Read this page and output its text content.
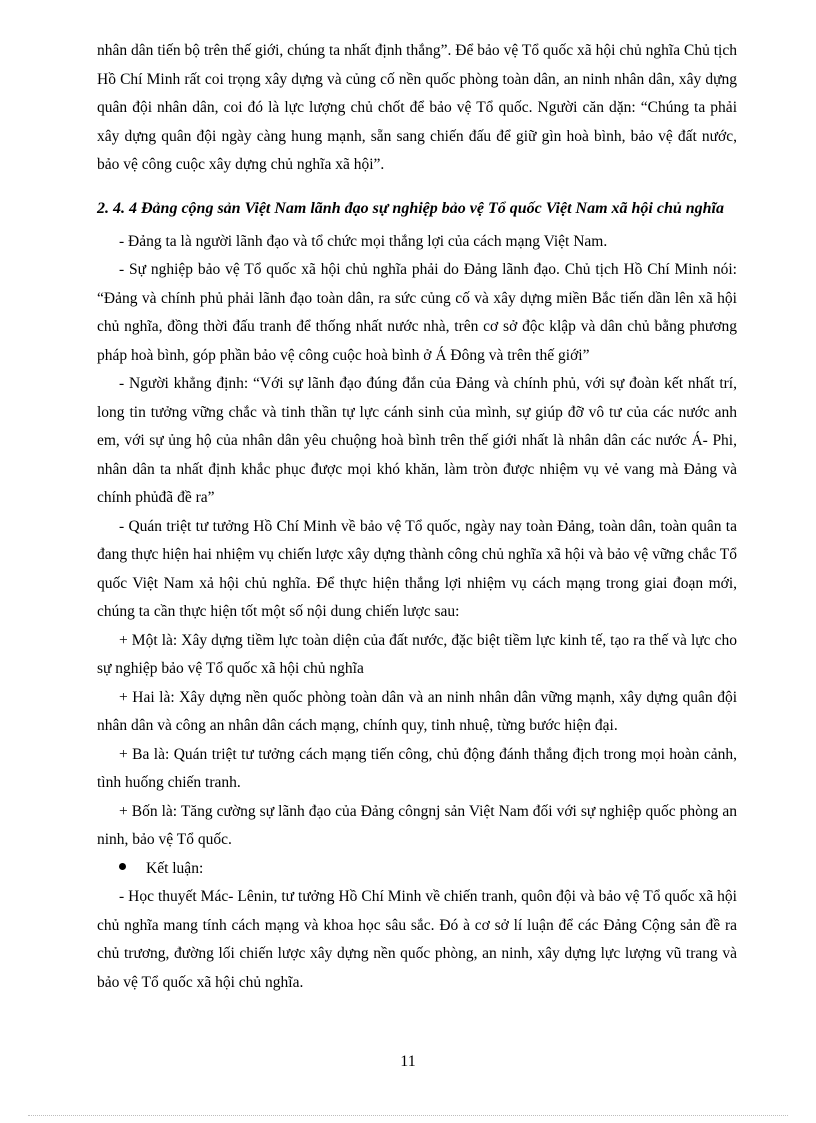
nhân dân tiến bộ trên thế giới, chúng ta nhất định thắng”. Để bảo vệ Tổ quốc xã hội chủ nghĩa Chủ tịch Hồ Chí Minh rất coi trọng xây dựng và củng cố nền quốc phòng toàn dân, an ninh nhân dân, xây dựng quân đội nhân dân, coi đó là lực lượng chủ chốt để bảo vệ Tổ quốc. Người căn dặn: “Chúng ta phải xây dựng quân đội ngày càng hung mạnh, sẵn sang chiến đấu để giữ gìn hoà bình, bảo vệ đất nước, bảo vệ công cuộc xây dựng chủ nghĩa xã hội”.

2. 4. 4 Đảng cộng sản Việt Nam lãnh đạo sự nghiệp bảo vệ Tổ quốc Việt Nam xã hội chủ nghĩa

- Đảng ta là người lãnh đạo và tổ chức mọi thắng lợi của cách mạng Việt Nam.

- Sự nghiệp bảo vệ Tổ quốc xã hội chủ nghĩa phải do Đảng lãnh đạo. Chủ tịch Hồ Chí Minh nói: “Đảng và chính phủ phải lãnh đạo toàn dân, ra sức củng cố và xây dựng miền Bắc tiến dần lên xã hội chủ nghĩa, đồng thời đấu tranh để thống nhất nước nhà, trên cơ sở độc klập và dân chủ bằng phương pháp hoà bình, góp phần bảo vệ công cuộc hoà bình ở Á Đông và trên thế giới”

- Người khẳng định: “Với sự lãnh đạo đúng đắn của Đảng và chính phủ, với sự đoàn kết nhất trí, long tin tưởng vững chắc và tinh thần tự lực cánh sinh của mình, sự giúp đỡ vô tư của các nước anh em, với sự ủng hộ của nhân dân yêu chuộng hoà bình trên thế giới nhất là nhân dân các nước Á- Phi, nhân dân ta nhất định khắc phục được mọi khó khăn, làm tròn được nhiệm vụ vẻ vang mà Đảng và chính phủđã đề ra”

- Quán triệt tư tưởng Hồ Chí Minh về bảo vệ Tổ quốc, ngày nay toàn Đảng, toàn dân, toàn quân ta đang thực hiện hai nhiệm vụ chiến lược xây dựng thành công chủ nghĩa xã hội và bảo vệ vững chắc Tổ quốc Việt Nam xả hội chủ nghĩa. Để thực hiện thắng lợi nhiệm vụ cách mạng trong giai đoạn mới, chúng ta cần thực hiện tốt một số nội dung chiến lược sau:

+ Một là: Xây dựng tiềm lực toàn diện của đất nước, đặc biệt tiềm lực kinh tế, tạo ra thế và lực cho sự nghiệp bảo vệ Tổ quốc xã hội chủ nghĩa

+ Hai là: Xây dựng nền quốc phòng toàn dân và an ninh nhân dân vững mạnh, xây dựng quân đội nhân dân và công an nhân dân cách mạng, chính quy, tinh nhuệ, từng bước hiện đại.

+ Ba là: Quán triệt tư tưởng cách mạng tiến công, chủ động đánh thắng địch trong mọi hoàn cảnh, tình huống chiến tranh.

+ Bốn là: Tăng cường sự lãnh đạo của Đảng côngnj sản Việt Nam đối với sự nghiệp quốc phòng an ninh, bảo vệ Tổ quốc.

Kết luận:

- Học thuyết Mác- Lênin, tư tưởng Hồ Chí Minh về chiến tranh, quôn đội và bảo vệ Tổ quốc xã hội chủ nghĩa mang tính cách mạng và khoa học sâu sắc. Đó à cơ sở lí luận để các Đảng Cộng sản đề ra chủ trương, đường lối chiến lược xây dựng nền quốc phòng, an ninh, xây dựng lực lượng vũ trang và bảo vệ Tổ quốc xã hội chủ nghĩa.

11
